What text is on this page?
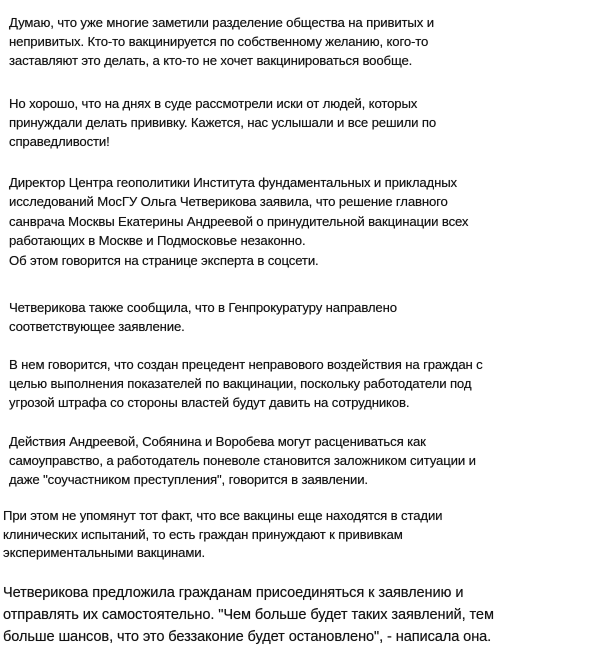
Думаю, что уже многие заметили разделение общества на привитых и
непривитых. Кто-то вакцинируется по собственному желанию, кого-то
заставляют это делать, а кто-то не хочет вакцинироваться вообще.

Но хорошо, что на днях в суде рассмотрели иски от людей, которых
принуждали делать прививку. Кажется, нас услышали и все решили по
справедливости!

Директор Центра геополитики Института фундаментальных и прикладных
исследований МосГУ Ольга Четверикова заявила, что решение главного
санврача Москвы Екатерины Андреевой о принудительной вакцинации всех
работающих в Москве и Подмосковье незаконно.
Об этом говорится на странице эксперта в соцсети.

Четверикова также сообщила, что в Генпрокуратуру направлено
соответствующее заявление.

В нем говорится, что создан прецедент неправового воздействия на граждан с
целью выполнения показателей по вакцинации, поскольку работодатели под
угрозой штрафа со стороны властей будут давить на сотрудников.

Действия Андреевой, Собянина и Воробева могут расцениваться как
самоуправство, а работодатель поневоле становится заложником ситуации и
даже "соучастником преступления", говорится в заявлении.

При этом не упомянут тот факт, что все вакцины еще находятся в стадии
клинических испытаний, то есть граждан принуждают к прививкам
экспериментальными вакцинами.

Четверикова предложила гражданам присоединяться к заявлению и
отправлять их самостоятельно. "Чем больше будет таких заявлений, тем
больше шансов, что это беззаконие будет остановлено", - написала она.
